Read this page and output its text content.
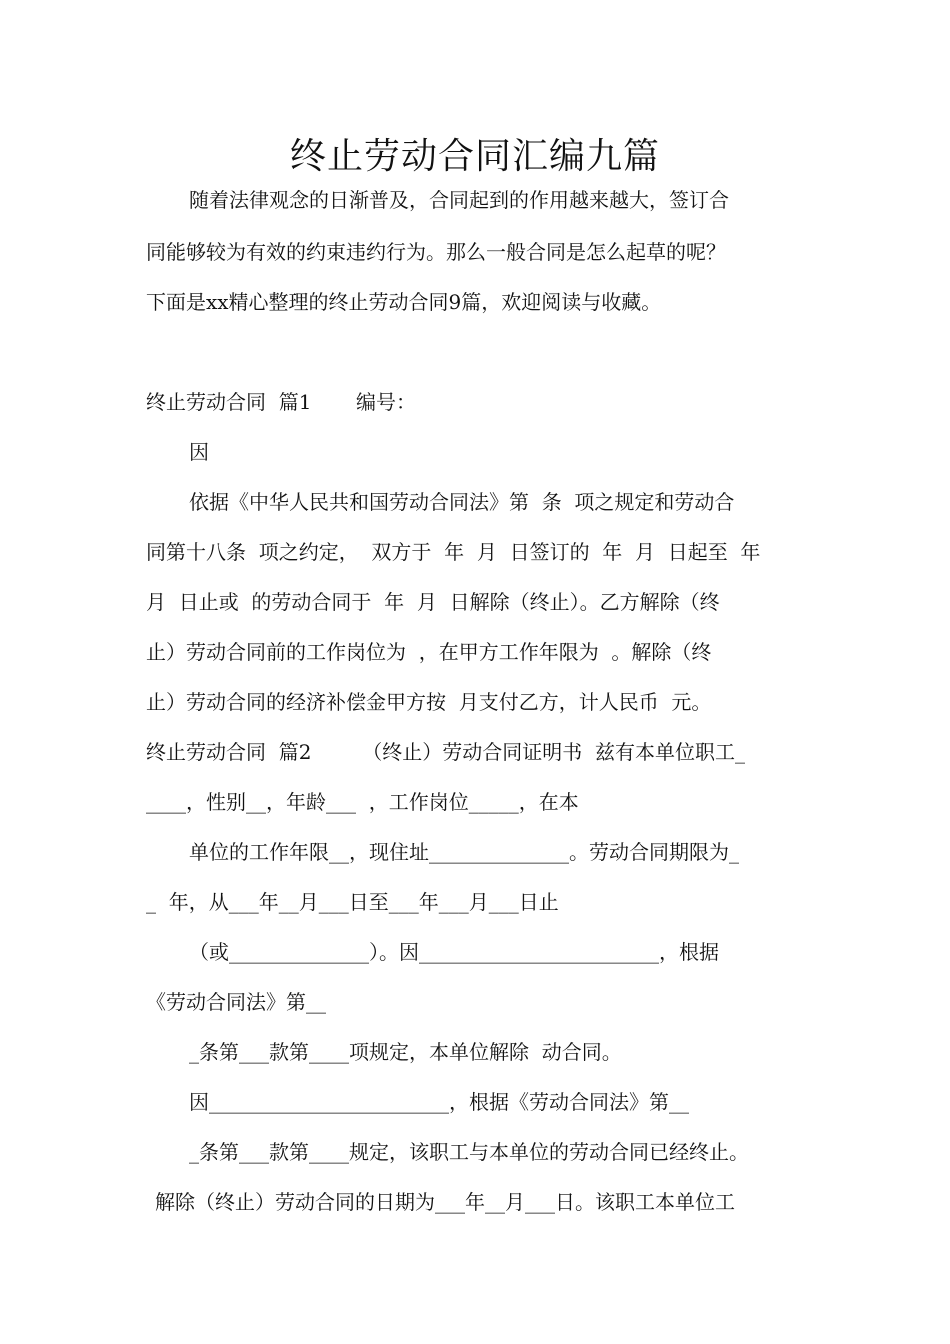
终止劳动合同汇编九篇

随着法律观念的日渐普及，合同起到的作用越来越大，签订合

同能够较为有效的约束违约行为。那么一般合同是怎么起草的呢？

下面是xx精心整理的终止劳动合同9篇，欢迎阅读与收藏。

终止劳动合同  篇1       编号：

因

依据《中华人民共和国劳动合同法》第  条  项之规定和劳动合

同第十八条  项之约定，  双方于  年  月  日签订的  年  月  日起至  年

月  日止或  的劳动合同于  年  月  日解除（终止）。乙方解除（终

止）劳动合同前的工作岗位为  ，在甲方工作年限为  。解除（终

止）劳动合同的经济补偿金甲方按  月支付乙方，计人民币  元。

终止劳动合同  篇2        （终止）劳动合同证明书  兹有本单位职工_

____，性别__，年龄___  ，工作岗位_____，在本

单位的工作年限__，现住址______________。劳动合同期限为_

_  年，从___年__月___日至___年___月___日止

（或______________）。因________________________，根据

《劳动合同法》第__

_条第___款第____项规定，本单位解除  动合同。

因________________________，根据《劳动合同法》第__

_条第___款第____规定，该职工与本单位的劳动合同已经终止。

解除（终止）劳动合同的日期为___年__月___日。该职工本单位工
